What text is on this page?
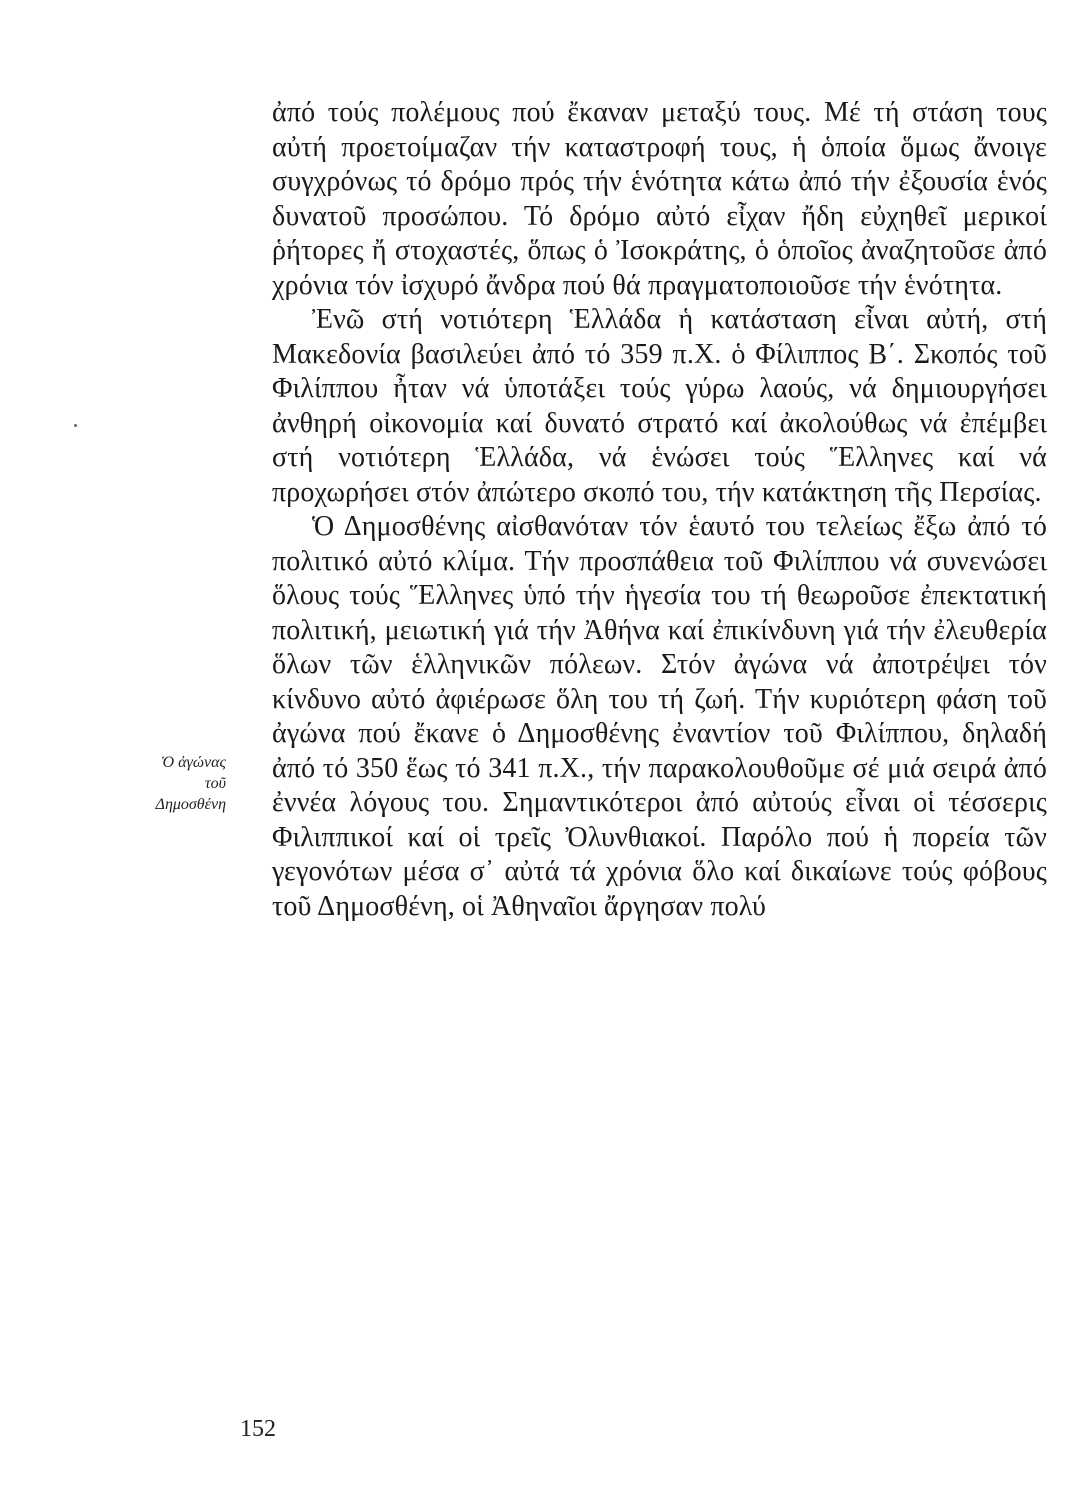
Ὁ ἀγώνας
τοῦ
Δημοσθένη

ἀπό τούς πολέμους πού ἔκαναν μεταξύ τους. Μέ τή στάση τους αὐτή προετοίμαζαν τήν καταστροφή τους, ἡ ὁποία ὅμως ἄνοιγε συγχρόνως τό δρόμο πρός τήν ἑνότητα κάτω ἀπό τήν ἐξουσία ἑνός δυνατοῦ προσώπου. Τό δρόμο αὐτό εἶχαν ἤδη εὐχηθεῖ μερικοί ῥήτορες ἤ στοχαστές, ὅπως ὁ Ἰσοκράτης, ὁ ὁποῖος ἀναζητοῦσε ἀπό χρόνια τόν ἰσχυρό ἄνδρα πού θά πραγματοποιοῦσε τήν ἑνότητα.

Ἐνῶ στή νοτιότερη Ἑλλάδα ἡ κατάσταση εἶναι αὐτή, στή Μακεδονία βασιλεύει ἀπό τό 359 π.Χ. ὁ Φίλιππος Β΄. Σκοπός τοῦ Φιλίππου ἦταν νά ὑποτάξει τούς γύρω λαούς, νά δημιουργήσει ἀνθηρή οἰκονομία καί δυνατό στρατό καί ἀκολούθως νά ἐπέμβει στή νοτιότερη Ἑλλάδα, νά ἑνώσει τούς Ἕλληνες καί νά προχωρήσει στόν ἀπώτερο σκοπό του, τήν κατάκτηση τῆς Περσίας.

Ὁ Δημοσθένης αἰσθανόταν τόν ἑαυτό του τελείως ἔξω ἀπό τό πολιτικό αὐτό κλίμα. Τήν προσπάθεια τοῦ Φιλίππου νά συνενώσει ὅλους τούς Ἕλληνες ὑπό τήν ἡγεσία του τή θεωροῦσε ἐπεκτατική πολιτική, μειωτική γιά τήν Ἀθήνα καί ἐπικίνδυνη γιά τήν ἐλευθερία ὅλων τῶν ἑλληνικῶν πόλεων. Στόν ἀγώνα νά ἀποτρέψει τόν κίνδυνο αὐτό ἀφιέρωσε ὅλη του τή ζωή. Τήν κυριότερη φάση τοῦ ἀγώνα πού ἔκανε ὁ Δημοσθένης ἐναντίον τοῦ Φιλίππου, δηλαδή ἀπό τό 350 ἕως τό 341 π.Χ., τήν παρακολουθοῦμε σέ μιά σειρά ἀπό ἐννέα λόγους του. Σημαντικότεροι ἀπό αὐτούς εἶναι οἱ τέσσερις Φιλιππικοί καί οἱ τρεῖς Ὀλυνθιακοί. Παρόλο πού ἡ πορεία τῶν γεγονότων μέσα σ᾽ αὐτά τά χρόνια ὅλο καί δικαίωνε τούς φόβους τοῦ Δημοσθένη, οἱ Ἀθηναῖοι ἄργησαν πολύ

152
